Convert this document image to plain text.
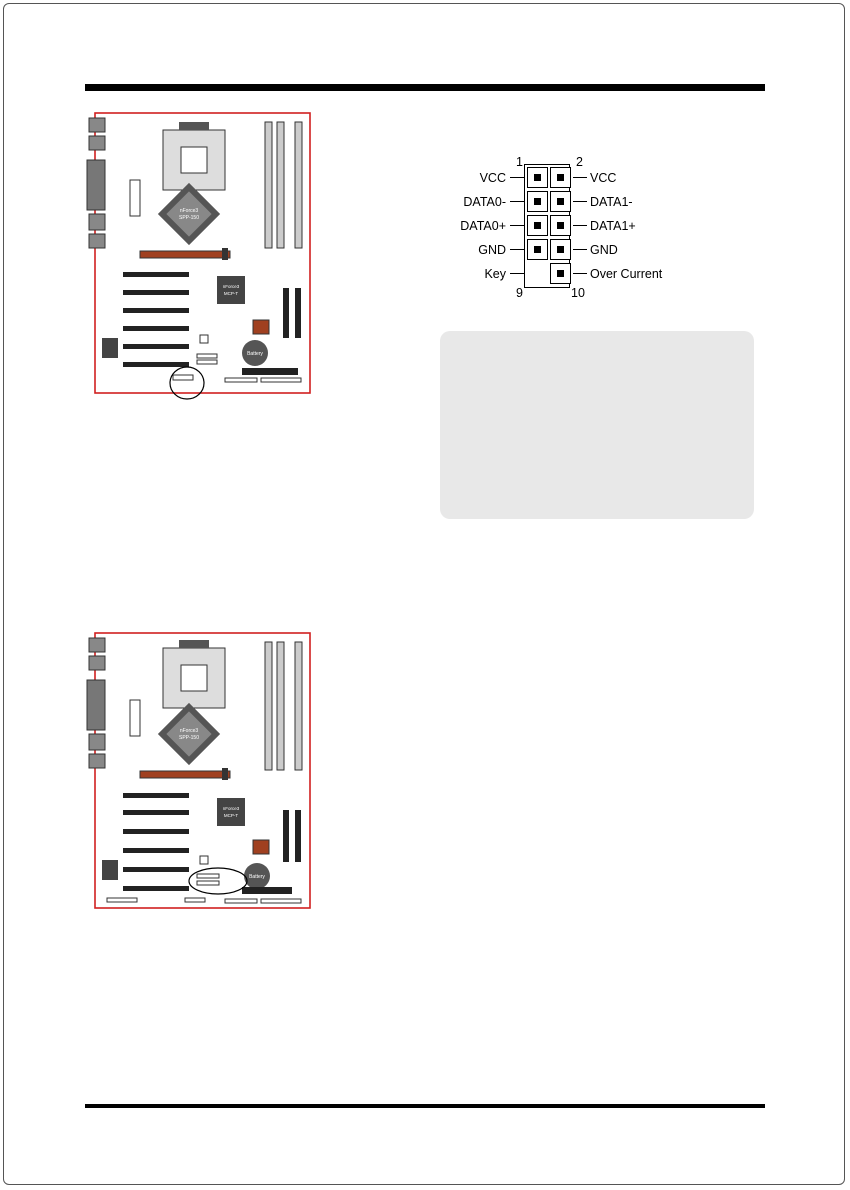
nForce3
SPP-150
nForce3
MCP-T
Battery
1	2
9	10
VCC	VCC
DATA0-	DATA1-
DATA0+	DATA1+
GND	GND
Key	Over Current
nForce3
SPP-150
nForce3
MCP-T
Battery
